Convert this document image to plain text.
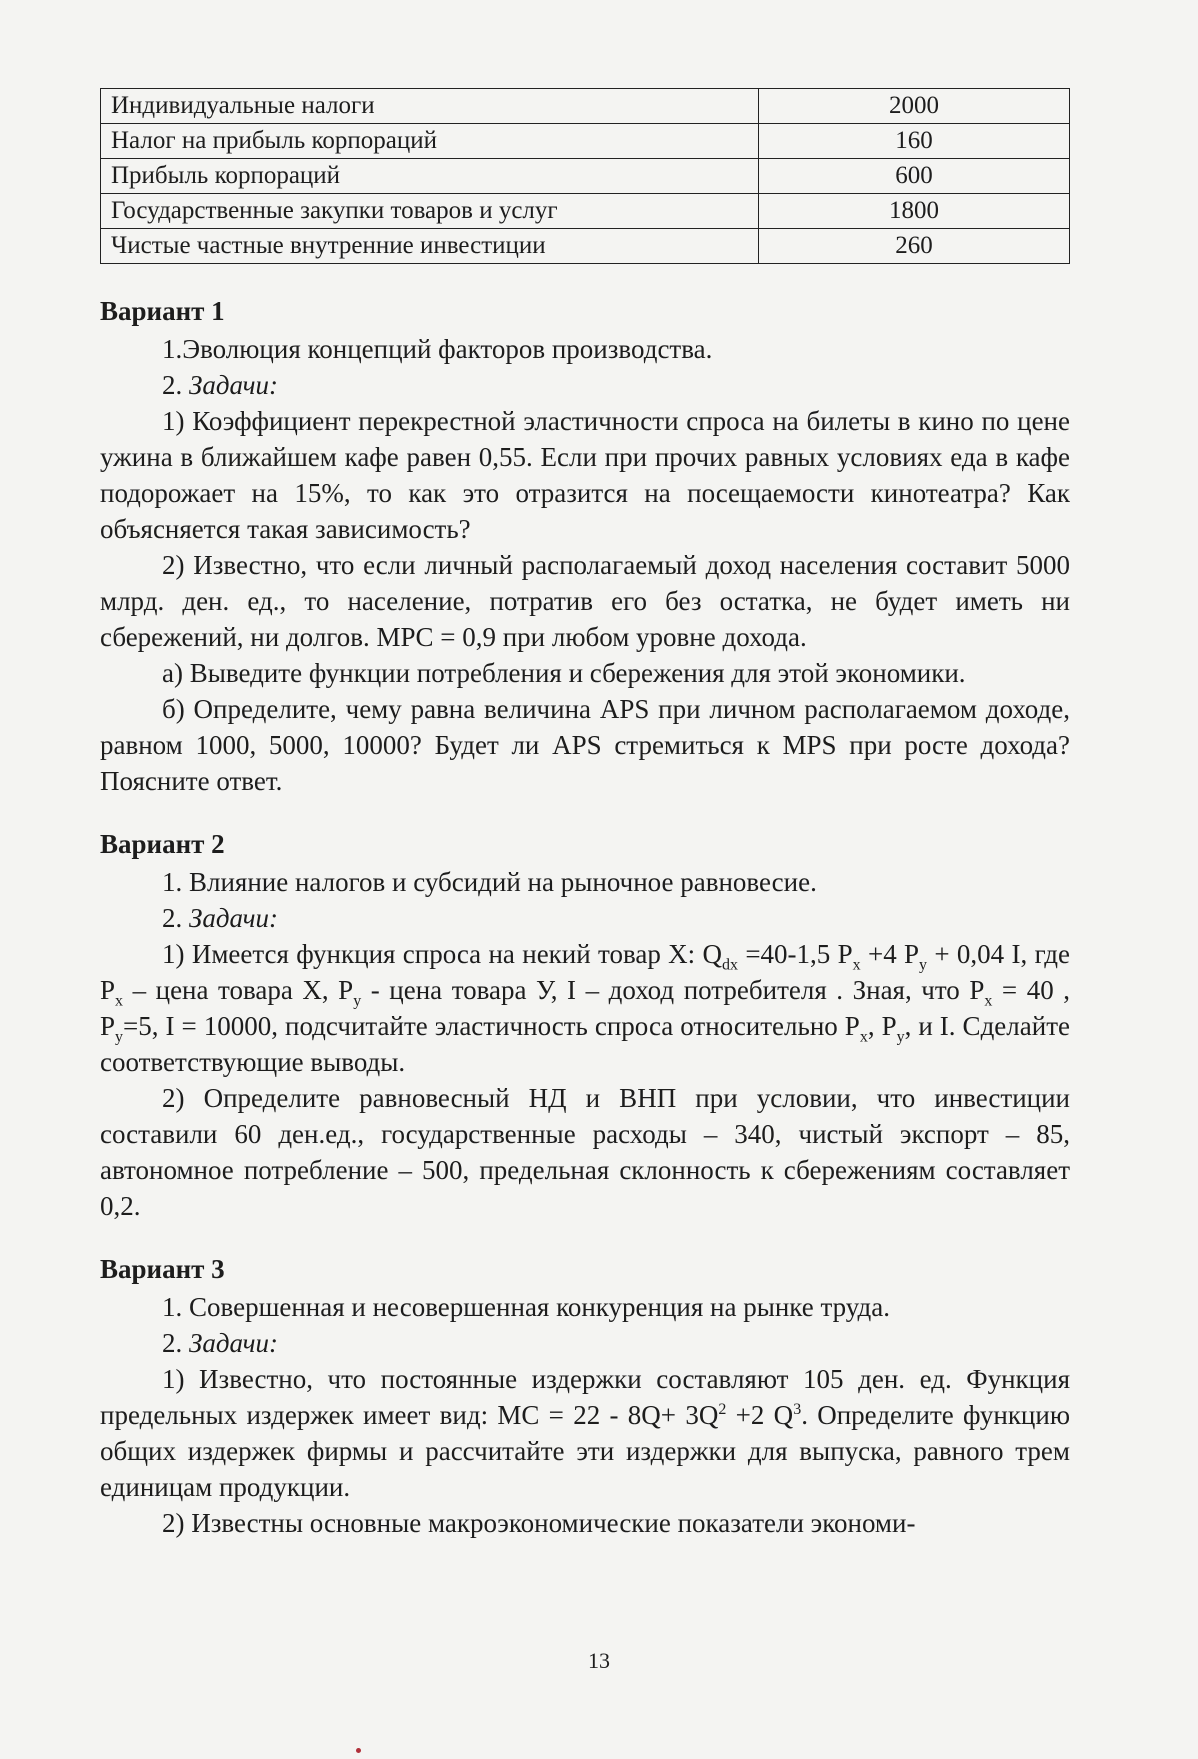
Индивидуальные налоги	2000
Налог на прибыль корпораций	160
Прибыль корпораций	600
Государственные закупки товаров и услуг	1800
Чистые частные внутренние инвестиции	260
Вариант 1

1.Эволюция концепций факторов производства.

2. Задачи:

1) Коэффициент перекрестной эластичности спроса на билеты в кино по цене ужина в ближайшем кафе равен 0,55. Если при прочих равных условиях еда в кафе подорожает на 15%, то как это отразится на посещаемости кинотеатра? Как объясняется такая зависимость?

2) Известно, что если личный располагаемый доход населения составит 5000 млрд. ден. ед., то население, потратив его без остатка, не будет иметь ни сбережений, ни долгов. MPC = 0,9 при любом уровне дохода.

а) Выведите функции потребления и сбережения для этой экономики.

б) Определите, чему равна величина APS при личном располагаемом доходе, равном 1000, 5000, 10000? Будет ли APS стремиться к MPS при росте дохода? Поясните ответ.

Вариант 2

1. Влияние налогов и субсидий на рыночное равновесие.

2. Задачи:

1) Имеется функция спроса на некий товар X: $Q_{dx} =40-1,5$ $P_x +4$ $P_y + 0,04$ I, где $P_x$ – цена товара X, $P_y$ - цена товара У, I – доход потребителя . Зная, что $P_x = 40$ , $P_y=5$, I = 10000, подсчитайте эластичность спроса относительно $P_x$, $P_y$, и I. Сделайте соответствующие выводы.

2) Определите равновесный НД и ВНП при условии, что инвестиции составили 60 ден.ед., государственные расходы – 340, чистый экспорт – 85, автономное потребление – 500, предельная склонность к сбережениям составляет 0,2.

Вариант 3

1. Совершенная и несовершенная конкуренция на рынке труда.

2. Задачи:

1) Известно, что постоянные издержки составляют 105 ден. ед. Функция предельных издержек имеет вид: MC = $22 - 8Q+ 3Q^2 +2$ $Q^3$. Определите функцию общих издержек фирмы и рассчитайте эти издержки для выпуска, равного трем единицам продукции.

2) Известны основные макроэкономические показатели экономи-

13
